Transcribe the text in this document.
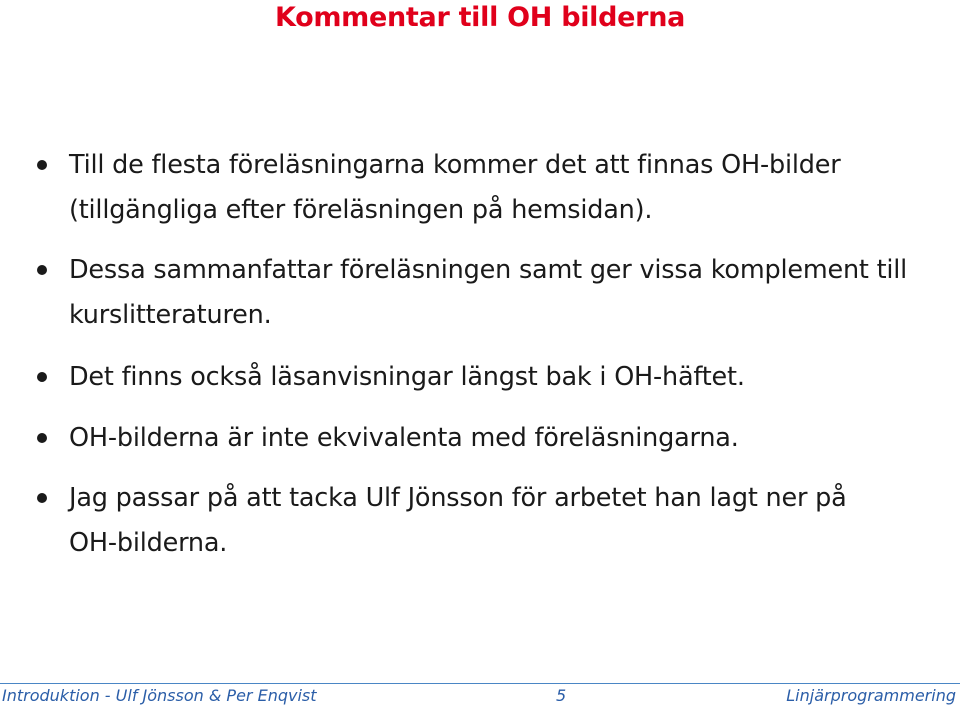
Kommentar till OH bilderna
Till de flesta föreläsningarna kommer det att finnas OH-bilder
(tillgängliga efter föreläsningen på hemsidan).
Dessa sammanfattar föreläsningen samt ger vissa komplement till
kurslitteraturen.
Det finns också läsanvisningar längst bak i OH-häftet.
OH-bilderna är inte ekvivalenta med föreläsningarna.
Jag passar på att tacka Ulf Jönsson för arbetet han lagt ner på
OH-bilderna.
Introduktion - Ulf Jönsson & Per Enqvist	5	Linjärprogrammering
